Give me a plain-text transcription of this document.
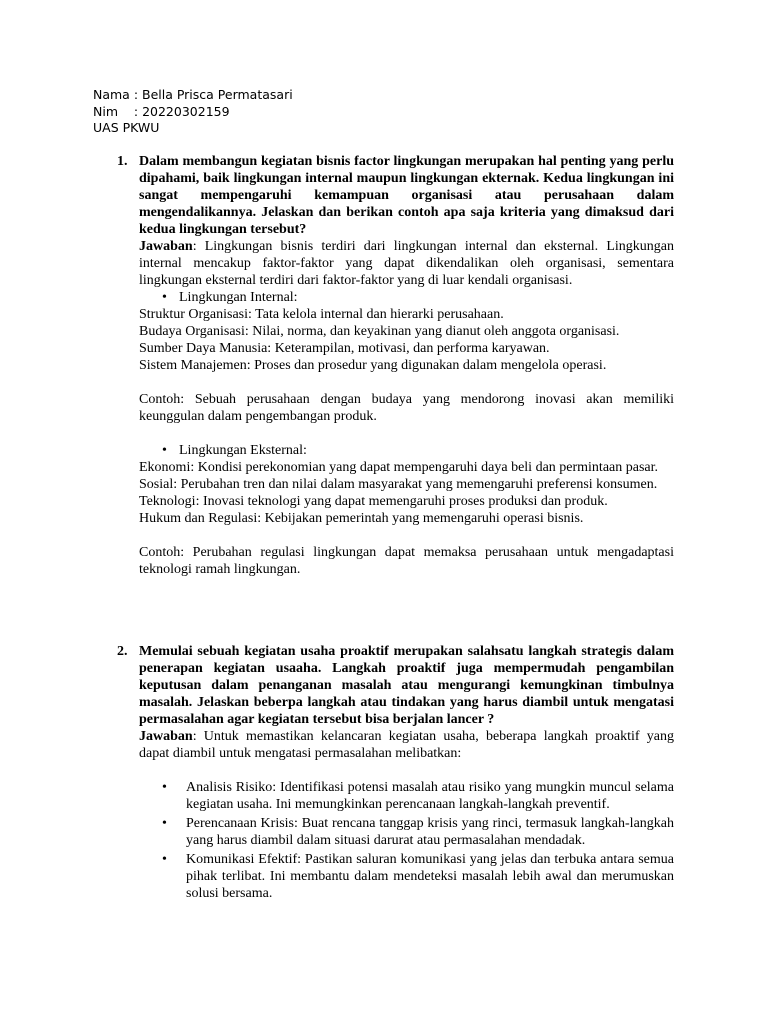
Nama : Bella Prisca Permatasari
Nim    : 20220302159
UAS PKWU
1. Dalam membangun kegiatan bisnis factor lingkungan merupakan hal penting yang perlu dipahami, baik lingkungan internal maupun lingkungan ekternak. Kedua lingkungan ini sangat mempengaruhi kemampuan organisasi atau perusahaan dalam mengendalikannya. Jelaskan dan berikan contoh apa saja kriteria yang dimaksud dari kedua lingkungan tersebut?
Jawaban: Lingkungan bisnis terdiri dari lingkungan internal dan eksternal. Lingkungan internal mencakup faktor-faktor yang dapat dikendalikan oleh organisasi, sementara lingkungan eksternal terdiri dari faktor-faktor yang di luar kendali organisasi.
• Lingkungan Internal:
Struktur Organisasi: Tata kelola internal dan hierarki perusahaan.
Budaya Organisasi: Nilai, norma, dan keyakinan yang dianut oleh anggota organisasi.
Sumber Daya Manusia: Keterampilan, motivasi, dan performa karyawan.
Sistem Manajemen: Proses dan prosedur yang digunakan dalam mengelola operasi.
Contoh: Sebuah perusahaan dengan budaya yang mendorong inovasi akan memiliki keunggulan dalam pengembangan produk.
• Lingkungan Eksternal:
Ekonomi: Kondisi perekonomian yang dapat mempengaruhi daya beli dan permintaan pasar.
Sosial: Perubahan tren dan nilai dalam masyarakat yang memengaruhi preferensi konsumen.
Teknologi: Inovasi teknologi yang dapat memengaruhi proses produksi dan produk.
Hukum dan Regulasi: Kebijakan pemerintah yang memengaruhi operasi bisnis.
Contoh: Perubahan regulasi lingkungan dapat memaksa perusahaan untuk mengadaptasi teknologi ramah lingkungan.
2. Memulai sebuah kegiatan usaha proaktif merupakan salahsatu langkah strategis dalam penerapan kegiatan usaaha. Langkah proaktif juga mempermudah pengambilan keputusan dalam penanganan masalah atau mengurangi kemungkinan timbulnya masalah. Jelaskan beberpa langkah atau tindakan yang harus diambil untuk mengatasi permasalahan agar kegiatan tersebut bisa berjalan lancer ?
Jawaban: Untuk memastikan kelancaran kegiatan usaha, beberapa langkah proaktif yang dapat diambil untuk mengatasi permasalahan melibatkan:
• Analisis Risiko: Identifikasi potensi masalah atau risiko yang mungkin muncul selama kegiatan usaha. Ini memungkinkan perencanaan langkah-langkah preventif.
• Perencanaan Krisis: Buat rencana tanggap krisis yang rinci, termasuk langkah-langkah yang harus diambil dalam situasi darurat atau permasalahan mendadak.
• Komunikasi Efektif: Pastikan saluran komunikasi yang jelas dan terbuka antara semua pihak terlibat. Ini membantu dalam mendeteksi masalah lebih awal dan merumuskan solusi bersama.
